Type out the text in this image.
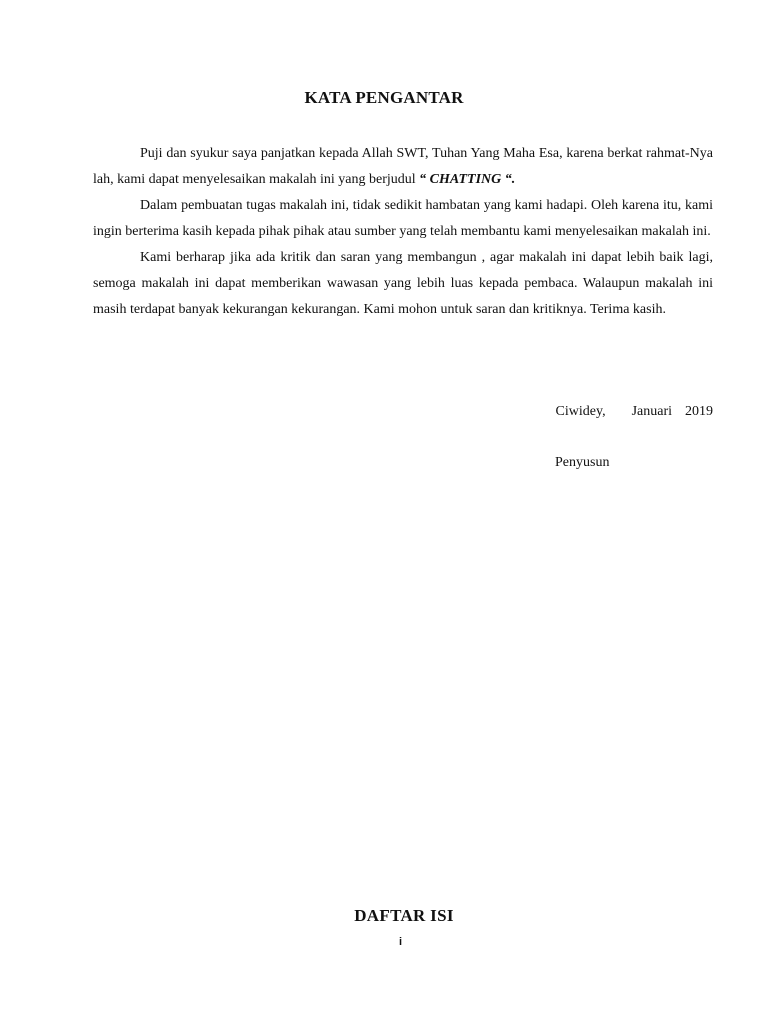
KATA PENGANTAR

Puji dan syukur saya panjatkan kepada Allah SWT, Tuhan Yang Maha Esa, karena berkat rahmat-Nya lah, kami dapat menyelesaikan makalah ini yang berjudul “ CHATTING “.

Dalam pembuatan tugas makalah ini, tidak sedikit hambatan yang kami hadapi. Oleh karena itu, kami ingin berterima kasih kepada pihak pihak atau sumber yang telah membantu kami menyelesaikan makalah ini.

Kami berharap jika ada kritik dan saran yang membangun , agar makalah ini dapat lebih baik lagi, semoga makalah ini dapat memberikan wawasan yang lebih luas kepada pembaca. Walaupun makalah ini masih terdapat banyak kekurangan kekurangan. Kami mohon untuk saran dan kritiknya. Terima kasih.

Ciwidey,    Januari  2019
Penyusun
DAFTAR ISI
i
